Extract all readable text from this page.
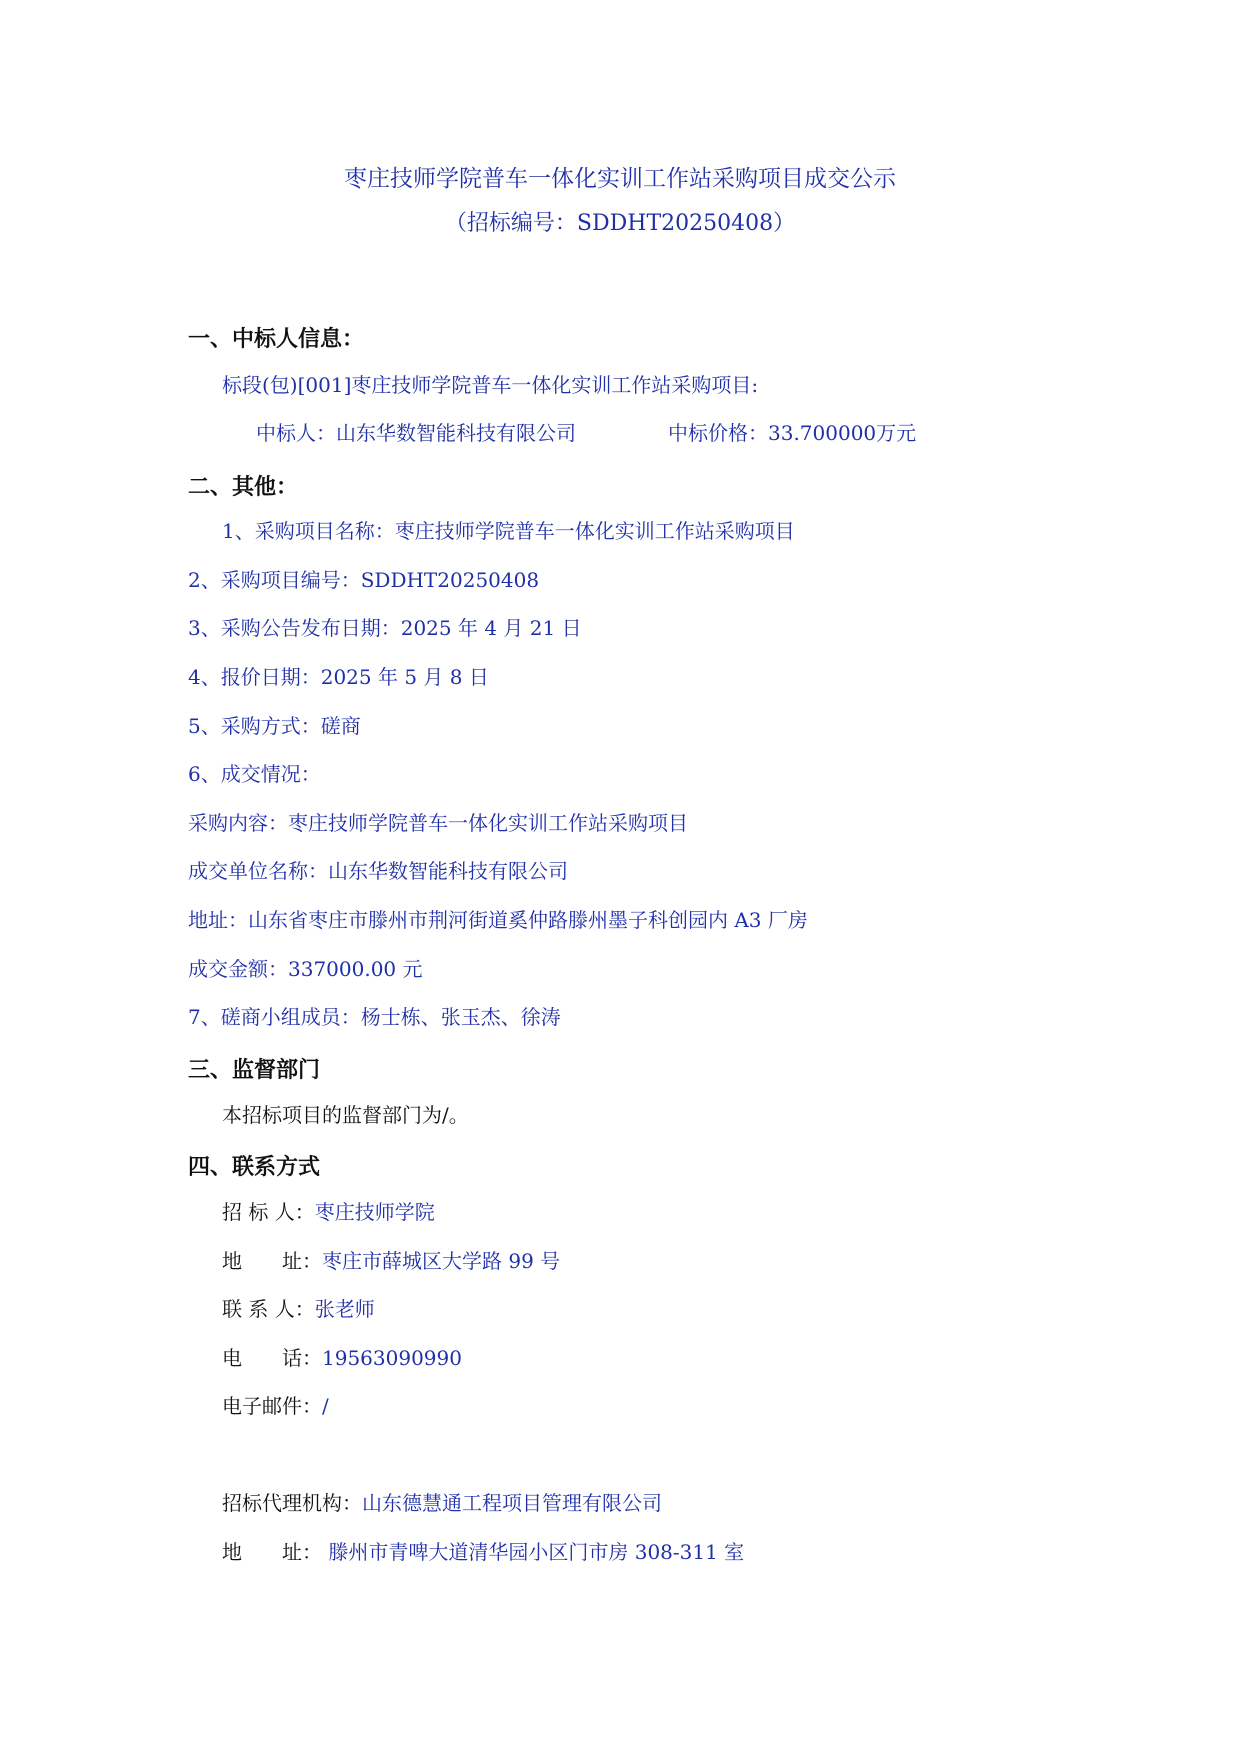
枣庄技师学院普车一体化实训工作站采购项目成交公示
（招标编号：SDDHT20250408）
一、中标人信息：
标段(包)[001]枣庄技师学院普车一体化实训工作站采购项目:
中标人：山东华数智能科技有限公司	中标价格：33.700000万元
二、其他：
1、采购项目名称：枣庄技师学院普车一体化实训工作站采购项目
2、采购项目编号：SDDHT20250408
3、采购公告发布日期：2025 年 4 月 21 日
4、报价日期：2025 年 5 月 8 日
5、采购方式：磋商
6、成交情况：
采购内容：枣庄技师学院普车一体化实训工作站采购项目
成交单位名称：山东华数智能科技有限公司
地址：山东省枣庄市滕州市荆河街道奚仲路滕州墨子科创园内 A3 厂房
成交金额：337000.00 元
7、磋商小组成员：杨士栋、张玉杰、徐涛
三、监督部门
本招标项目的监督部门为/。
四、联系方式
招 标 人：枣庄技师学院
地　　址：枣庄市薛城区大学路 99 号
联 系 人：张老师
电　　话：19563090990
电子邮件：/
招标代理机构：山东德慧通工程项目管理有限公司
地　　址： 滕州市青啤大道清华园小区门市房 308-311 室
